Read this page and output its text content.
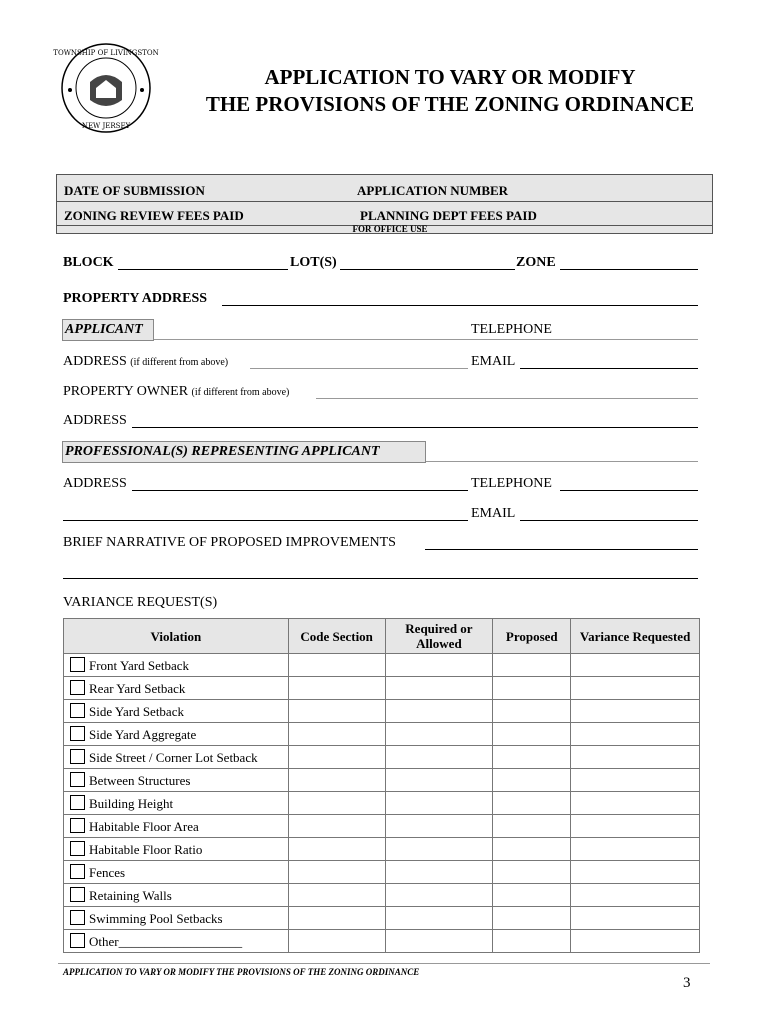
TOWNSHIP OF LIVINGSTON
NEW JERSEY
APPLICATION TO VARY OR MODIFY
THE PROVISIONS OF THE ZONING ORDINANCE
DATE OF SUBMISSION	APPLICATION NUMBER
ZONING REVIEW FEES PAID	PLANNING DEPT FEES PAID
FOR OFFICE USE
BLOCK	LOT(S)	ZONE
PROPERTY ADDRESS
APPLICANT	TELEPHONE
ADDRESS (if different from above)	EMAIL
PROPERTY OWNER (if different from above)
ADDRESS
PROFESSIONAL(S) REPRESENTING APPLICANT
ADDRESS	TELEPHONE
EMAIL
BRIEF NARRATIVE OF PROPOSED IMPROVEMENTS
VARIANCE REQUEST(S)
Violation	Code Section	Required or Allowed	Proposed	Variance Requested
Front Yard Setback				
Rear Yard Setback				
Side Yard Setback				
Side Yard Aggregate				
Side Street / Corner Lot Setback				
Between Structures				
Building Height				
Habitable Floor Area				
Habitable Floor Ratio				
Fences				
Retaining Walls				
Swimming Pool Setbacks				
Other___________________				
APPLICATION TO VARY OR MODIFY THE PROVISIONS OF THE ZONING ORDINANCE
3
